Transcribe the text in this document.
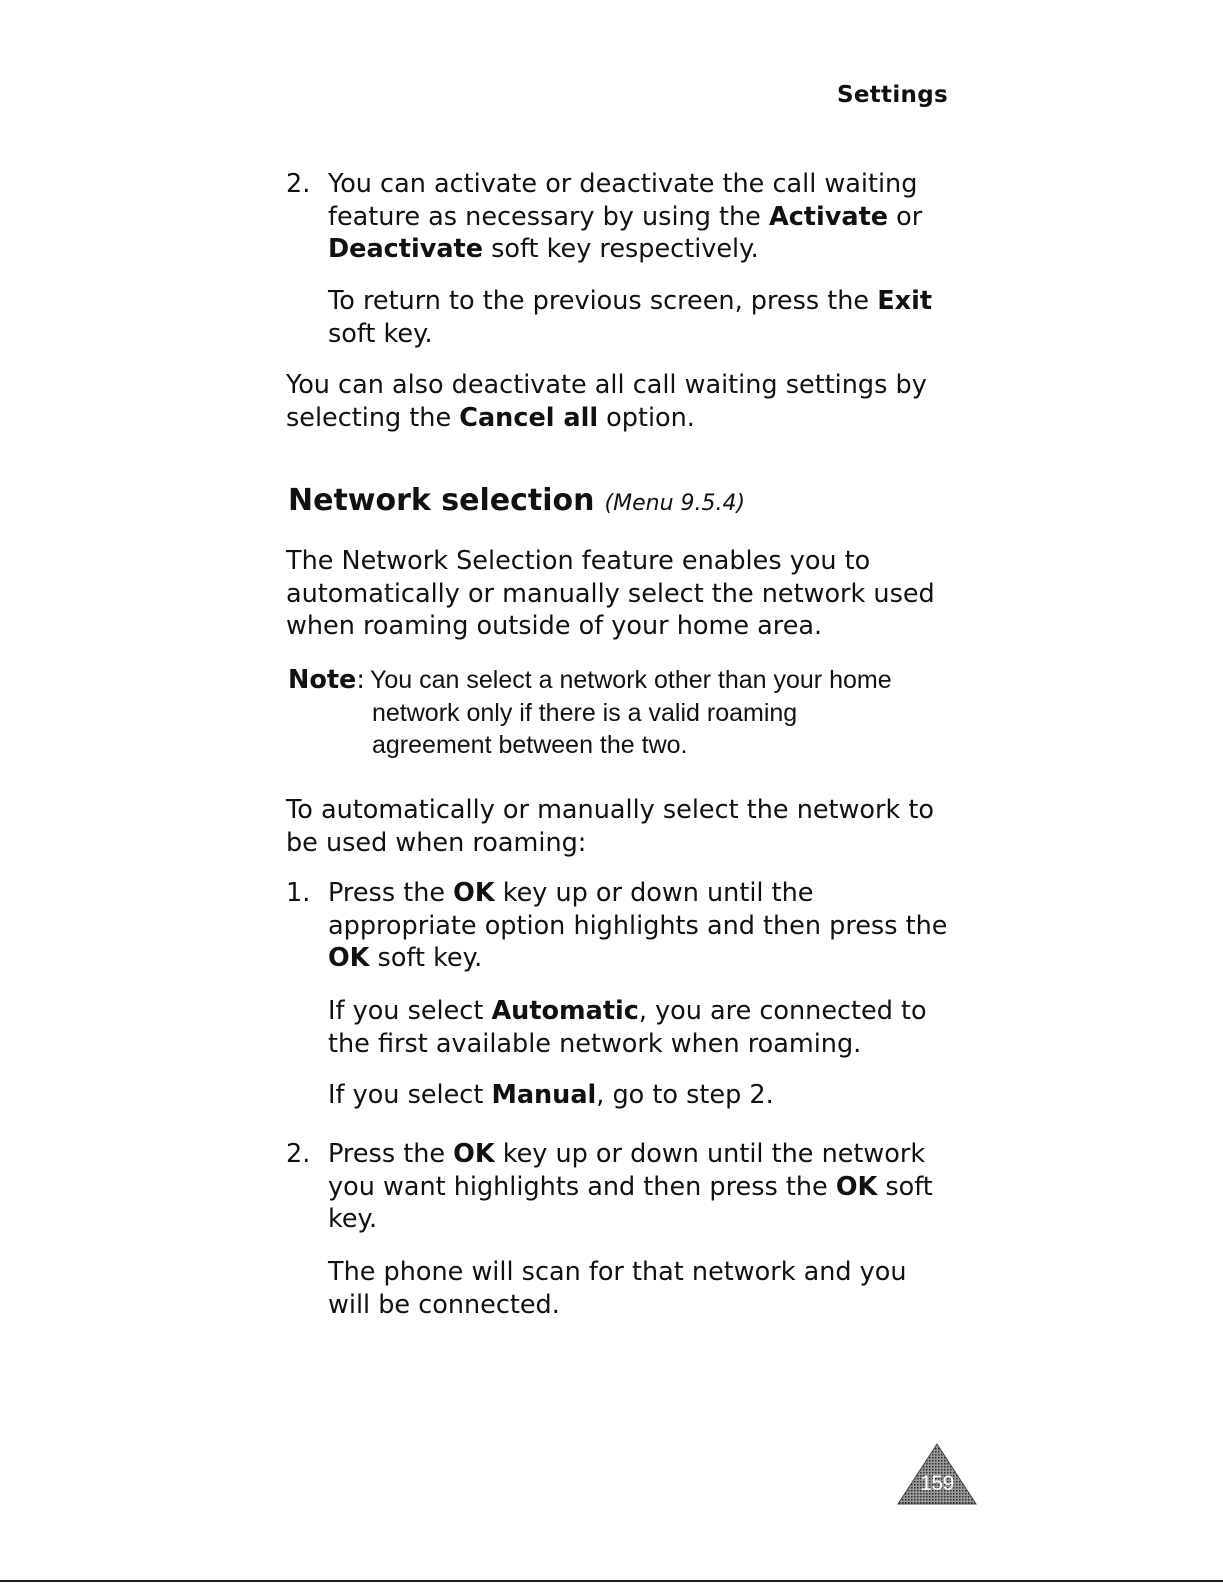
Settings
2. You can activate or deactivate the call waiting
feature as necessary by using the Activate or
Deactivate soft key respectively.
To return to the previous screen, press the Exit
soft key.
You can also deactivate all call waiting settings by
selecting the Cancel all option.
Network selection (Menu 9.5.4)
The Network Selection feature enables you to
automatically or manually select the network used
when roaming outside of your home area.
Note: You can select a network other than your home
network only if there is a valid roaming
agreement between the two.
To automatically or manually select the network to
be used when roaming:
1. Press the OK key up or down until the
appropriate option highlights and then press the
OK soft key.
If you select Automatic, you are connected to
the first available network when roaming.
If you select Manual, go to step 2.
2. Press the OK key up or down until the network
you want highlights and then press the OK soft
key.
The phone will scan for that network and you
will be connected.
159
